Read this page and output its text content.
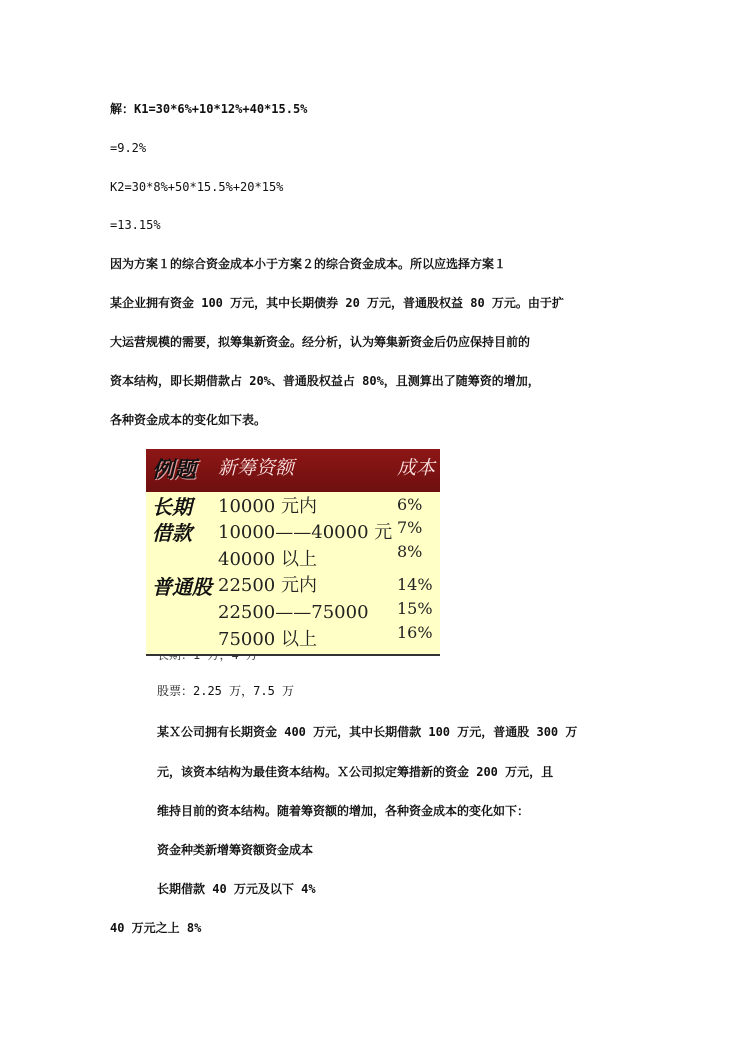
解：K1=30*6%+10*12%+40*15.5%
=9.2%
K2=30*8%+50*15.5%+20*15%
=13.15%
因为方案１的综合资金成本小于方案２的综合资金成本。所以应选择方案１
某企业拥有资金 100 万元，其中长期债券 20 万元，普通股权益 80 万元。由于扩
大运营规模的需要，拟筹集新资金。经分析，认为筹集新资金后仍应保持目前的
资本结构，即长期借款占 20%、普通股权益占 80%，且测算出了随筹资的增加，
各种资金成本的变化如下表。
例题 新筹资额	成本
长期
借款
普通股
10000 元内
10000——40000 元
40000 以上
22500 元内
22500——75000
75000 以上
6%
7%
8%
14%
15%
16%
股票：2.25 万，7.5 万
某Ｘ公司拥有长期资金 400 万元，其中长期借款 100 万元，普通股 300 万
元，该资本结构为最佳资本结构。Ｘ公司拟定筹措新的资金 200 万元，且
维持目前的资本结构。随着筹资额的增加，各种资金成本的变化如下：
资金种类新增筹资额资金成本
长期借款 40 万元及以下 4%
40 万元之上 8%
